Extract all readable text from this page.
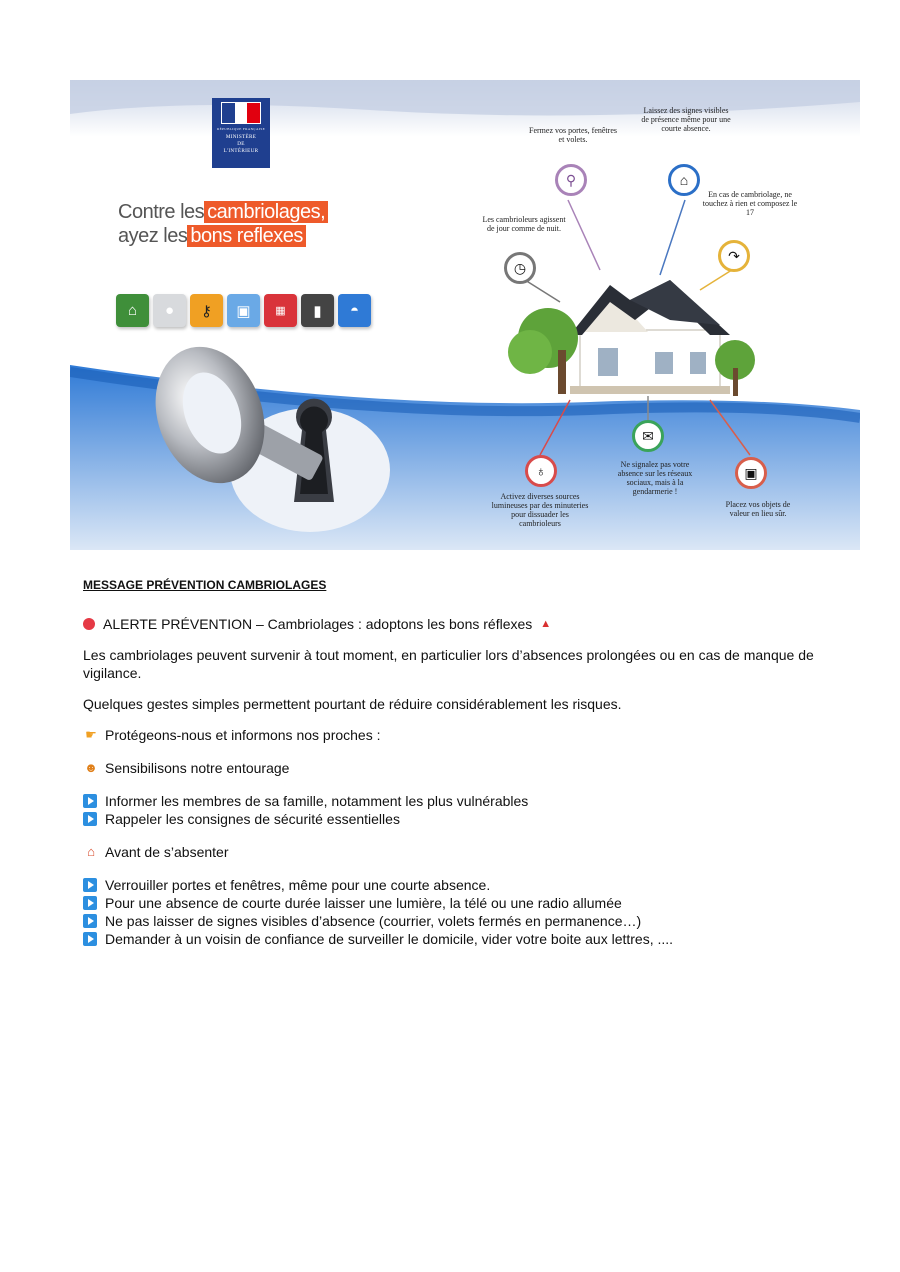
RÉPUBLIQUE FRANÇAISE
MINISTÈRE
DE
L'INTÉRIEUR
Contre les cambriolages,
ayez les bons reflexes
⌂	●	⚷	▣	▦	▮	◓
⚲	⌂
◷
↷
♁
✉
▣
Fermez vos portes, fenêtres et volets.
Laissez des signes visibles de présence même pour une courte absence.
Les cambrioleurs agissent de jour comme de nuit.
En cas de cambriolage, ne touchez à rien et composez le 17
Activez diverses sources lumineuses par des minuteries pour dissuader les cambrioleurs
Ne signalez pas votre absence sur les réseaux sociaux, mais à la gendarmerie !
Placez vos objets de valeur en lieu sûr.

MESSAGE PRÉVENTION CAMBRIOLAGES

ALERTE PRÉVENTION – Cambriolages : adoptons les bons réflexes ▲

Les cambriolages peuvent survenir à tout moment, en particulier lors d’absences prolongées ou en cas de manque de vigilance.

Quelques gestes simples permettent pourtant de réduire considérablement les risques.

☛ Protégeons-nous et informons nos proches :
☻ Sensibilisons notre entourage
Informer les membres de sa famille, notamment les plus vulnérables
Rappeler les consignes de sécurité essentielles
⌂ Avant de s’absenter
Verrouiller portes et fenêtres, même pour une courte absence.
Pour une absence de courte durée laisser une lumière, la télé ou une radio allumée
Ne pas laisser de signes visibles d’absence (courrier, volets fermés en permanence…)
Demander à un voisin de confiance de surveiller le domicile, vider votre boite aux lettres, ....
